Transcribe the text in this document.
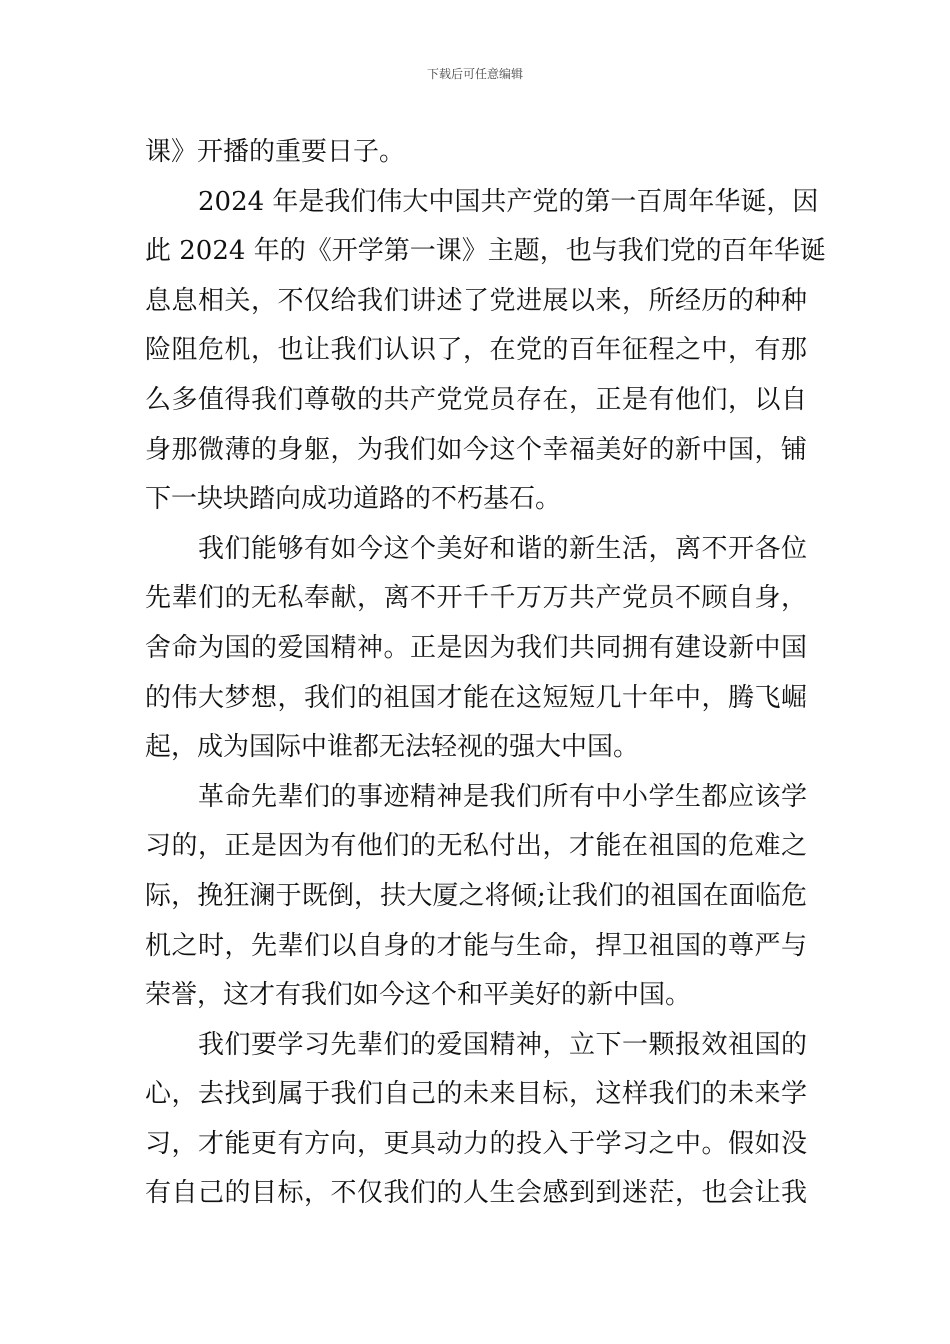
下载后可任意编辑
课》开播的重要日子。
2024 年是我们伟大中国共产党的第一百周年华诞，因
此 2024 年的《开学第一课》主题，也与我们党的百年华诞
息息相关，不仅给我们讲述了党进展以来，所经历的种种
险阻危机，也让我们认识了，在党的百年征程之中，有那
么多值得我们尊敬的共产党党员存在，正是有他们，以自
身那微薄的身躯，为我们如今这个幸福美好的新中国，铺
下一块块踏向成功道路的不朽基石。
我们能够有如今这个美好和谐的新生活，离不开各位
先辈们的无私奉献，离不开千千万万共产党员不顾自身，
舍命为国的爱国精神。正是因为我们共同拥有建设新中国
的伟大梦想，我们的祖国才能在这短短几十年中，腾飞崛
起，成为国际中谁都无法轻视的强大中国。
革命先辈们的事迹精神是我们所有中小学生都应该学
习的，正是因为有他们的无私付出，才能在祖国的危难之
际，挽狂澜于既倒，扶大厦之将倾;让我们的祖国在面临危
机之时，先辈们以自身的才能与生命，捍卫祖国的尊严与
荣誉，这才有我们如今这个和平美好的新中国。
我们要学习先辈们的爱国精神，立下一颗报效祖国的
心，去找到属于我们自己的未来目标，这样我们的未来学
习，才能更有方向，更具动力的投入于学习之中。假如没
有自己的目标，不仅我们的人生会感到到迷茫，也会让我
